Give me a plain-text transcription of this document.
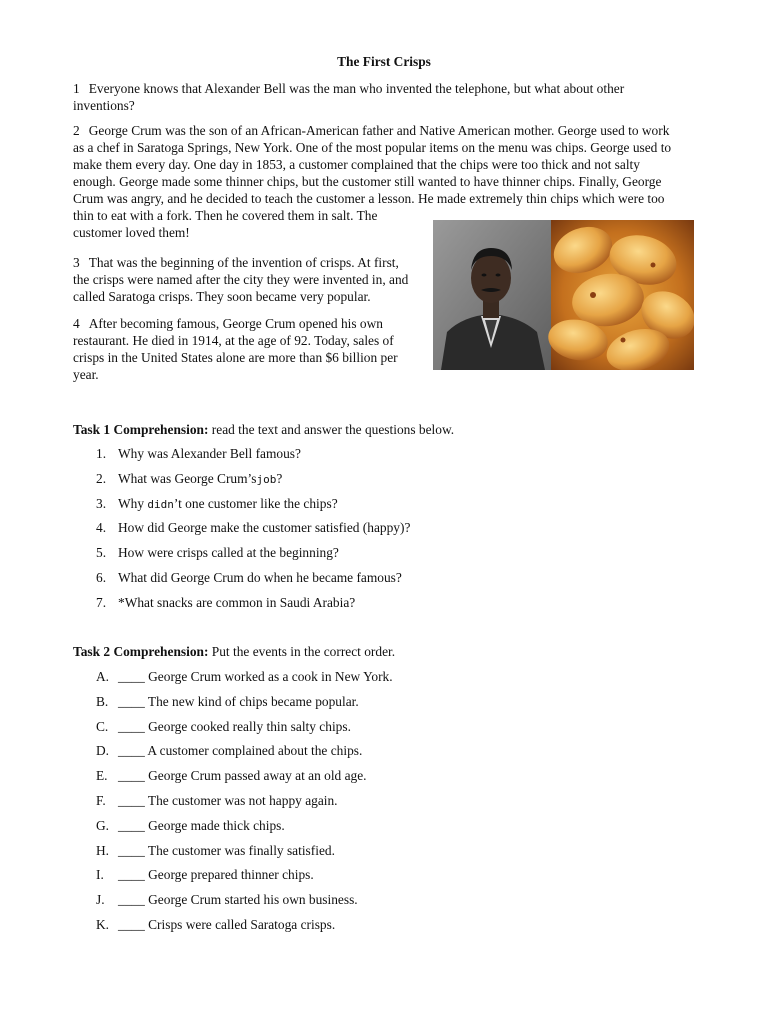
The First Crisps

1 Everyone knows that Alexander Bell was the man who invented the telephone, but what about other
inventions?

2 George Crum was the son of an African-American father and Native American mother. George used to work
as a chef in Saratoga Springs, New York. One of the most popular items on the menu was chips. George used to
make them every day. One day in 1853, a customer complained that the chips were too thick and not salty
enough. George made some thinner chips, but the customer still wanted to have thinner chips. Finally, George
Crum was angry, and he decided to teach the customer a lesson. He made extremely thin chips which were too
thin to eat with a fork. Then he covered them in salt. The
customer loved them!

3 That was the beginning of the invention of crisps. At first,
the crisps were named after the city they were invented in, and
called Saratoga crisps. They soon became very popular.

4 After becoming famous, George Crum opened his own
restaurant. He died in 1914, at the age of 92. Today, sales of
crisps in the United States alone are more than $6 billion per
year.

Task 1 Comprehension: read the text and answer the questions below.
1. Why was Alexander Bell famous?
2. What was George Crum’sjob?
3. Why didn’t one customer like the chips?
4. How did George make the customer satisfied (happy)?
5. How were crisps called at the beginning?
6. What did George Crum do when he became famous?
7. *What snacks are common in Saudi Arabia?
Task 2 Comprehension: Put the events in the correct order.
A. ____ George Crum worked as a cook in New York.
B. ____ The new kind of chips became popular.
C. ____ George cooked really thin salty chips.
D. ____ A customer complained about the chips.
E. ____ George Crum passed away at an old age.
F. ____ The customer was not happy again.
G. ____ George made thick chips.
H. ____ The customer was finally satisfied.
I. ____ George prepared thinner chips.
J. ____ George Crum started his own business.
K. ____ Crisps were called Saratoga crisps.
